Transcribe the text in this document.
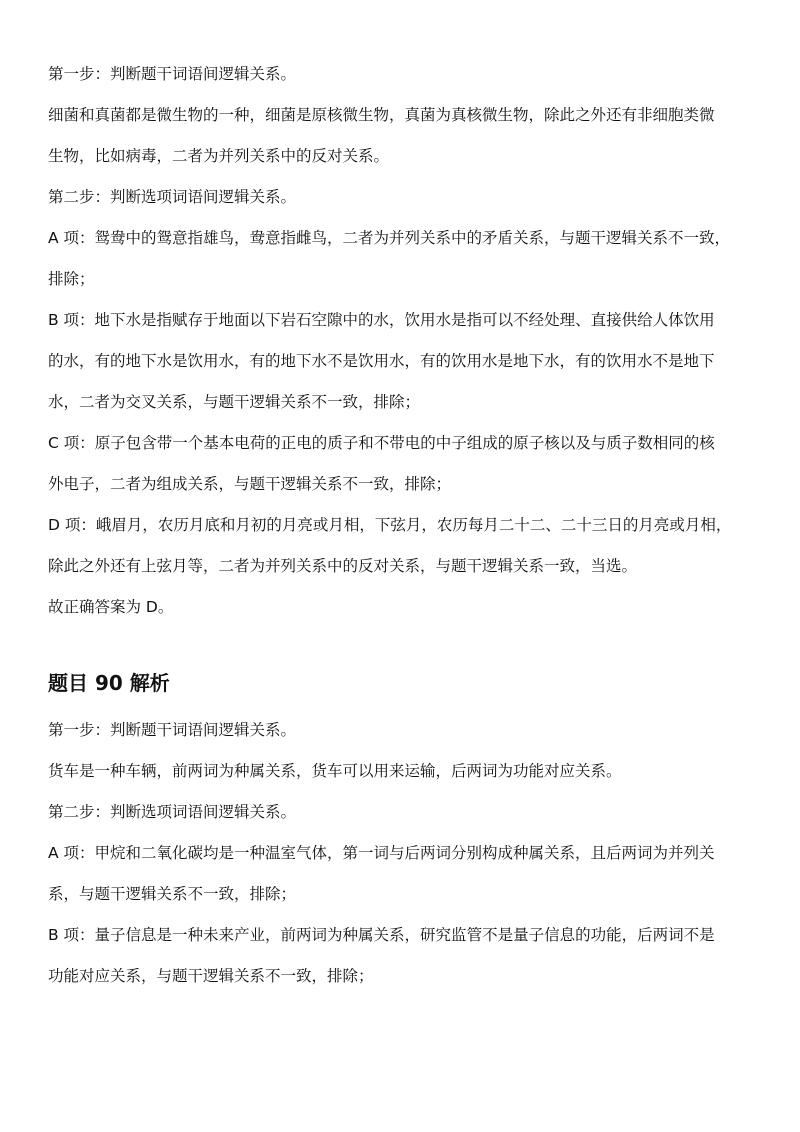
第一步：判断题干词语间逻辑关系。

细菌和真菌都是微生物的一种，细菌是原核微生物，真菌为真核微生物，除此之外还有非细胞类微

生物，比如病毒，二者为并列关系中的反对关系。

第二步：判断选项词语间逻辑关系。

A 项：鸳鸯中的鸳意指雄鸟，鸯意指雌鸟，二者为并列关系中的矛盾关系，与题干逻辑关系不一致，

排除；

B 项：地下水是指赋存于地面以下岩石空隙中的水，饮用水是指可以不经处理、直接供给人体饮用

的水，有的地下水是饮用水，有的地下水不是饮用水，有的饮用水是地下水，有的饮用水不是地下

水，二者为交叉关系，与题干逻辑关系不一致，排除；

C 项：原子包含带一个基本电荷的正电的质子和不带电的中子组成的原子核以及与质子数相同的核

外电子，二者为组成关系，与题干逻辑关系不一致，排除；

D 项：峨眉月，农历月底和月初的月亮或月相，下弦月，农历每月二十二、二十三日的月亮或月相，

除此之外还有上弦月等，二者为并列关系中的反对关系，与题干逻辑关系一致，当选。

故正确答案为 D。

题目 90 解析

第一步：判断题干词语间逻辑关系。

货车是一种车辆，前两词为种属关系，货车可以用来运输，后两词为功能对应关系。

第二步：判断选项词语间逻辑关系。

A 项：甲烷和二氧化碳均是一种温室气体，第一词与后两词分别构成种属关系，且后两词为并列关

系，与题干逻辑关系不一致，排除；

B 项：量子信息是一种未来产业，前两词为种属关系，研究监管不是量子信息的功能，后两词不是

功能对应关系，与题干逻辑关系不一致，排除；
